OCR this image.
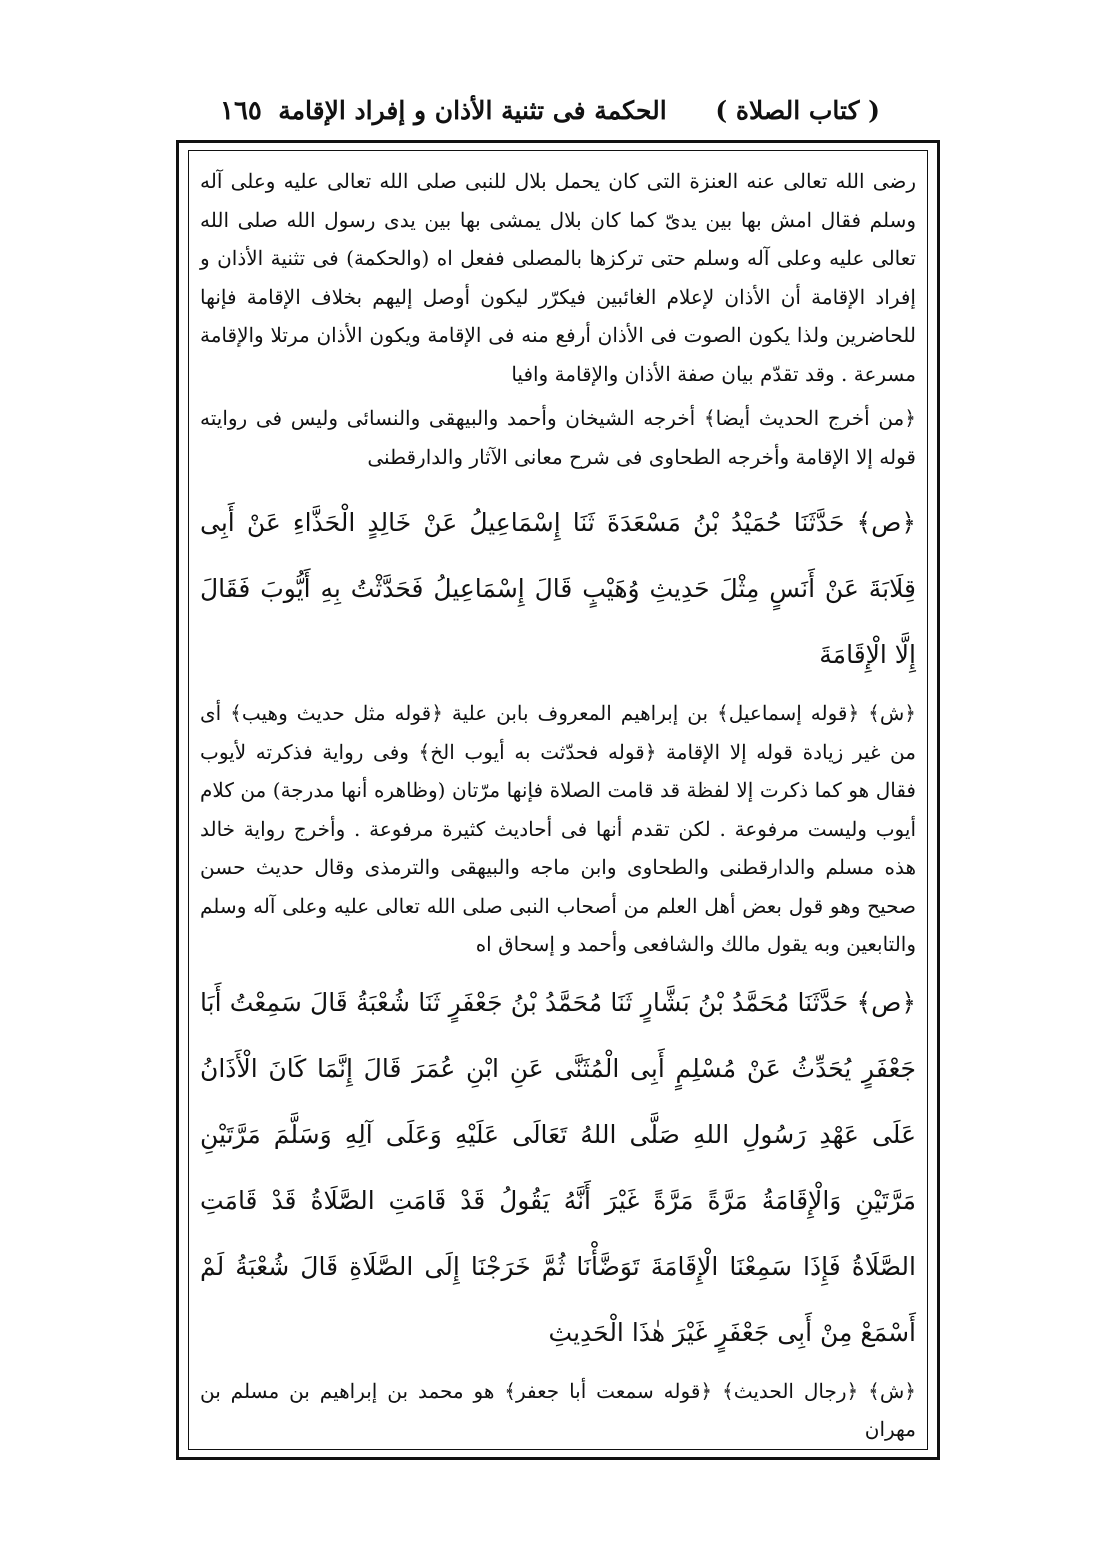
( كتاب الصلاة ) الحكمة فى تثنية الأذان و إفراد الإقامة
١٦٥

رضى الله تعالى عنه العنزة التى كان يحمل بلال للنبى صلى الله تعالى عليه وعلى آله وسلم فقال امش بها بين يدىّ كما كان بلال يمشى بها بين يدى رسول الله صلى الله تعالى عليه وعلى آله وسلم حتى تركزها بالمصلى ففعل اه (والحكمة) فى تثنية الأذان و إفراد الإقامة أن الأذان لإعلام الغائبين فيكرّر ليكون أوصل إليهم بخلاف الإقامة فإنها للحاضرين ولذا يكون الصوت فى الأذان أرفع منه فى الإقامة ويكون الأذان مرتلا والإقامة مسرعة . وقد تقدّم بيان صفة الأذان والإقامة وافيا

﴿من أخرج الحديث أيضا﴾ أخرجه الشيخان وأحمد والبيهقى والنسائى وليس فى روايته قوله إلا الإقامة وأخرجه الطحاوى فى شرح معانى الآثار والدارقطنى

﴿ص﴾ حَدَّثَنَا حُمَيْدُ بْنُ مَسْعَدَةَ ثَنَا إِسْمَاعِيلُ عَنْ خَالِدٍ الْحَذَّاءِ عَنْ أَبِى قِلَابَةَ عَنْ أَنَسٍ مِثْلَ حَدِيثِ وُهَيْبٍ قَالَ إِسْمَاعِيلُ فَحَدَّثْتُ بِهِ أَيُّوبَ فَقَالَ إِلَّا الْإِقَامَةَ

﴿ش﴾ ﴿قوله إسماعيل﴾ بن إبراهيم المعروف بابن علية ﴿قوله مثل حديث وهيب﴾ أى من غير زيادة قوله إلا الإقامة ﴿قوله فحدّثت به أيوب الخ﴾ وفى رواية فذكرته لأيوب فقال هو كما ذكرت إلا لفظة قد قامت الصلاة فإنها مرّتان (وظاهره أنها مدرجة) من كلام أيوب وليست مرفوعة . لكن تقدم أنها فى أحاديث كثيرة مرفوعة . وأخرج رواية خالد هذه مسلم والدارقطنى والطحاوى وابن ماجه والبيهقى والترمذى وقال حديث حسن صحيح وهو قول بعض أهل العلم من أصحاب النبى صلى الله تعالى عليه وعلى آله وسلم والتابعين وبه يقول مالك والشافعى وأحمد و إسحاق اه

﴿ص﴾ حَدَّثَنَا مُحَمَّدُ بْنُ بَشَّارٍ ثَنَا مُحَمَّدُ بْنُ جَعْفَرٍ ثَنَا شُعْبَةُ قَالَ سَمِعْتُ أَبَا جَعْفَرٍ يُحَدِّثُ عَنْ مُسْلِمٍ أَبِى الْمُثَنَّى عَنِ ابْنِ عُمَرَ قَالَ إِنَّمَا كَانَ الْأَذَانُ عَلَى عَهْدِ رَسُولِ اللهِ صَلَّى اللهُ تَعَالَى عَلَيْهِ وَعَلَى آلِهِ وَسَلَّمَ مَرَّتَيْنِ مَرَّتَيْنِ وَالْإِقَامَةُ مَرَّةً مَرَّةً غَيْرَ أَنَّهُ يَقُولُ قَدْ قَامَتِ الصَّلَاةُ قَدْ قَامَتِ الصَّلَاةُ فَإِذَا سَمِعْنَا الْإِقَامَةَ تَوَضَّأْنَا ثُمَّ خَرَجْنَا إِلَى الصَّلَاةِ قَالَ شُعْبَةُ لَمْ أَسْمَعْ مِنْ أَبِى جَعْفَرٍ غَيْرَ هٰذَا الْحَدِيثِ

﴿ش﴾ ﴿رجال الحديث﴾ ﴿قوله سمعت أبا جعفر﴾ هو محمد بن إبراهيم بن مسلم بن مهران
